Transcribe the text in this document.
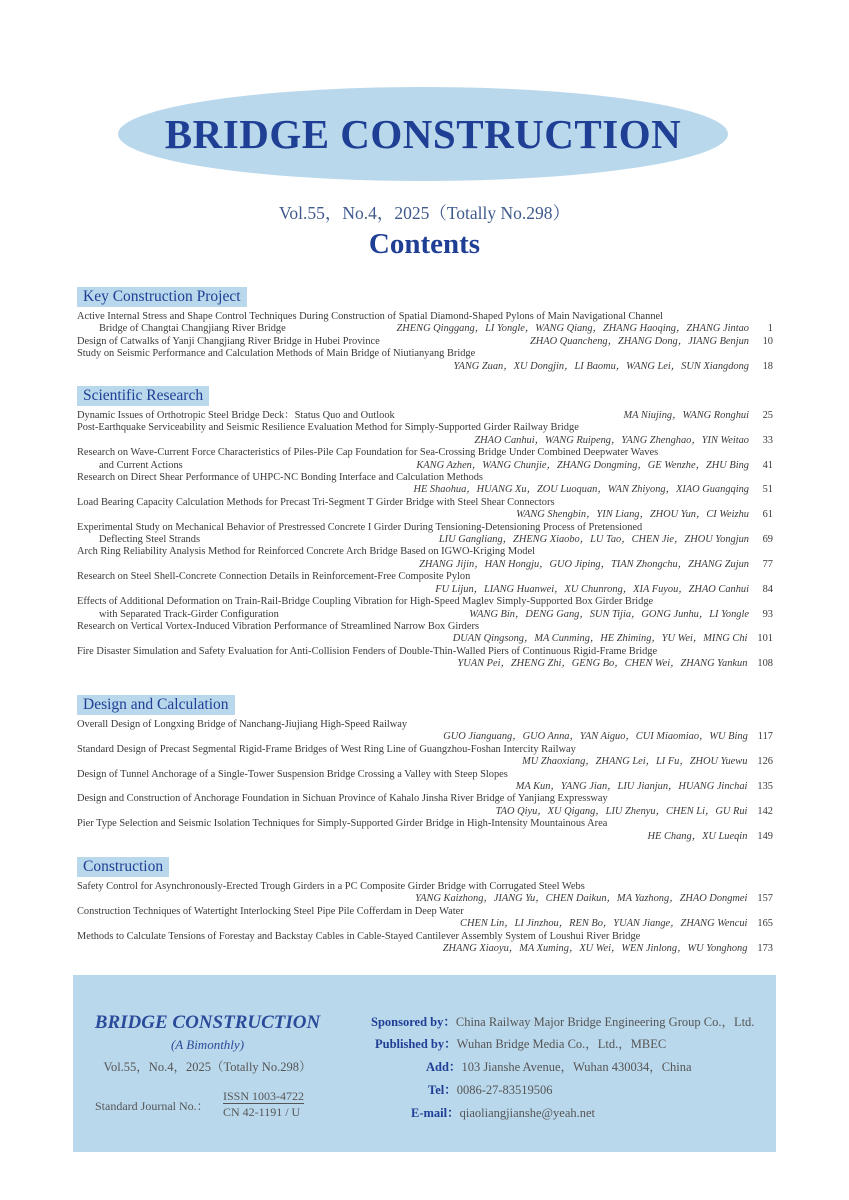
BRIDGE CONSTRUCTION
Vol.55，No.4，2025（Totally No.298）
Contents
Key Construction Project
Active Internal Stress and Shape Control Techniques During Construction of Spatial Diamond-Shaped Pylons of Main Navigational Channel
Bridge of Changtai Changjiang River Bridge	ZHENG Qinggang，LI Yongle，WANG Qiang，ZHANG Haoqing，ZHANG Jintao	1
Design of Catwalks of Yanji Changjiang River Bridge in Hubei Province	ZHAO Quancheng，ZHANG Dong，JIANG Benjun	10
Study on Seismic Performance and Calculation Methods of Main Bridge of Niutianyang Bridge
YANG Zuan，XU Dongjin，LI Baomu，WANG Lei，SUN Xiangdong	18
Scientific Research
Dynamic Issues of Orthotropic Steel Bridge Deck：Status Quo and Outlook	MA Niujing，WANG Ronghui	25
Post-Earthquake Serviceability and Seismic Resilience Evaluation Method for Simply-Supported Girder Railway Bridge
ZHAO Canhui，WANG Ruipeng，YANG Zhenghao，YIN Weitao	33
Research on Wave-Current Force Characteristics of Piles-Pile Cap Foundation for Sea-Crossing Bridge Under Combined Deepwater Waves
and Current Actions	KANG Azhen，WANG Chunjie，ZHANG Dongming，GE Wenzhe，ZHU Bing	41
Research on Direct Shear Performance of UHPC-NC Bonding Interface and Calculation Methods
HE Shaohua，HUANG Xu，ZOU Luoquan，WAN Zhiyong，XIAO Guangqing	51
Load Bearing Capacity Calculation Methods for Precast Tri-Segment T Girder Bridge with Steel Shear Connectors
WANG Shengbin，YIN Liang，ZHOU Yun，CI Weizhu	61
Experimental Study on Mechanical Behavior of Prestressed Concrete I Girder During Tensioning-Detensioning Process of Pretensioned
Deflecting Steel Strands	LIU Gangliang，ZHENG Xiaobo，LU Tao，CHEN Jie，ZHOU Yongjun	69
Arch Ring Reliability Analysis Method for Reinforced Concrete Arch Bridge Based on IGWO-Kriging Model
ZHANG Jijin，HAN Hongju，GUO Jiping，TIAN Zhongchu，ZHANG Zujun	77
Research on Steel Shell-Concrete Connection Details in Reinforcement-Free Composite Pylon
FU Lijun，LIANG Huanwei，XU Chunrong，XIA Fuyou，ZHAO Canhui	84
Effects of Additional Deformation on Train-Rail-Bridge Coupling Vibration for High-Speed Maglev Simply-Supported Box Girder Bridge
with Separated Track-Girder Configuration	WANG Bin，DENG Gang，SUN Tijia，GONG Junhu，LI Yongle	93
Research on Vertical Vortex-Induced Vibration Performance of Streamlined Narrow Box Girders
DUAN Qingsong，MA Cunming，HE Zhiming，YU Wei，MING Chi 101
Fire Disaster Simulation and Safety Evaluation for Anti-Collision Fenders of Double-Thin-Walled Piers of Continuous Rigid-Frame Bridge
YUAN Pei，ZHENG Zhi，GENG Bo，CHEN Wei，ZHANG Yankun 108
Design and Calculation
Overall Design of Longxing Bridge of Nanchang-Jiujiang High-Speed Railway
GUO Jianguang，GUO Anna，YAN Aiguo，CUI Miaomiao，WU Bing 117
Standard Design of Precast Segmental Rigid-Frame Bridges of West Ring Line of Guangzhou-Foshan Intercity Railway
MU Zhaoxiang，ZHANG Lei，LI Fu，ZHOU Yuewu 126
Design of Tunnel Anchorage of a Single-Tower Suspension Bridge Crossing a Valley with Steep Slopes
MA Kun，YANG Jian，LIU Jianjun，HUANG Jinchai 135
Design and Construction of Anchorage Foundation in Sichuan Province of Kahalo Jinsha River Bridge of Yanjiang Expressway
TAO Qiyu，XU Qigang，LIU Zhenyu，CHEN Li，GU Rui 142
Pier Type Selection and Seismic Isolation Techniques for Simply-Supported Girder Bridge in High-Intensity Mountainous Area
HE Chang，XU Lueqin 149
Construction
Safety Control for Asynchronously-Erected Trough Girders in a PC Composite Girder Bridge with Corrugated Steel Webs
YANG Kaizhong，JIANG Yu，CHEN Daikun，MA Yazhong，ZHAO Dongmei 157
Construction Techniques of Watertight Interlocking Steel Pipe Pile Cofferdam in Deep Water
CHEN Lin，LI Jinzhou，REN Bo，YUAN Jiange，ZHANG Wencui 165
Methods to Calculate Tensions of Forestay and Backstay Cables in Cable-Stayed Cantilever Assembly System of Loushui River Bridge
ZHANG Xiaoyu，MA Xuming，XU Wei，WEN Jinlong，WU Yonghong 173
BRIDGE CONSTRUCTION
(A Bimonthly)
Vol.55，No.4，2025（Totally No.298）
Standard Journal No.：
ISSN 1003-4722
CN 42-1191 / U
Sponsored by：China Railway Major Bridge Engineering Group Co.，Ltd.
Published by：Wuhan Bridge Media Co.，Ltd.，MBEC
Add：103 Jianshe Avenue，Wuhan 430034，China
Tel：0086-27-83519506
E-mail：qiaoliangjianshe@yeah.net
